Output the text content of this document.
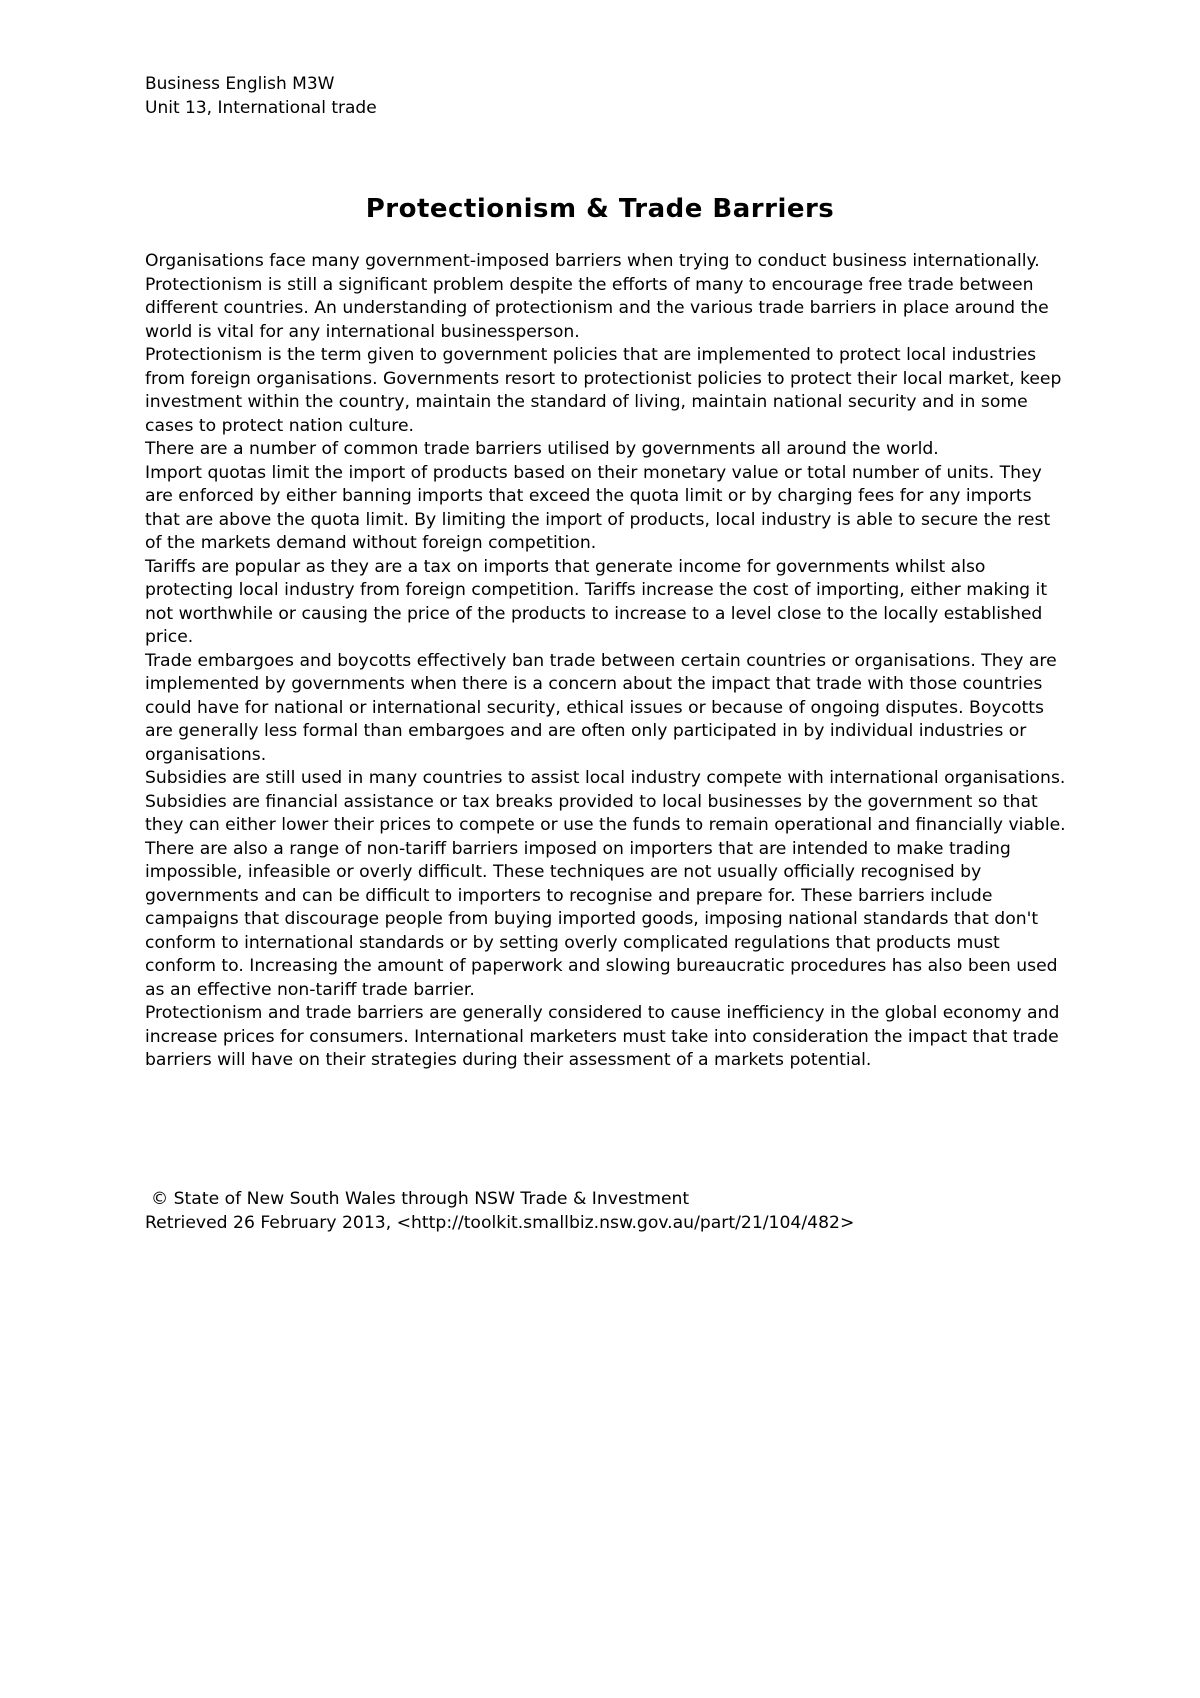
Business English M3W
Unit 13, International trade
Protectionism & Trade Barriers

Organisations face many government-imposed barriers when trying to conduct business internationally. Protectionism is still a significant problem despite the efforts of many to encourage free trade between different countries. An understanding of protectionism and the various trade barriers in place around the world is vital for any international businessperson.

Protectionism is the term given to government policies that are implemented to protect local industries from foreign organisations. Governments resort to protectionist policies to protect their local market, keep investment within the country, maintain the standard of living, maintain national security and in some cases to protect nation culture.

There are a number of common trade barriers utilised by governments all around the world.

Import quotas limit the import of products based on their monetary value or total number of units. They are enforced by either banning imports that exceed the quota limit or by charging fees for any imports that are above the quota limit. By limiting the import of products, local industry is able to secure the rest of the markets demand without foreign competition.

Tariffs are popular as they are a tax on imports that generate income for governments whilst also protecting local industry from foreign competition. Tariffs increase the cost of importing, either making it not worthwhile or causing the price of the products to increase to a level close to the locally established price.

Trade embargoes and boycotts effectively ban trade between certain countries or organisations. They are implemented by governments when there is a concern about the impact that trade with those countries could have for national or international security, ethical issues or because of ongoing disputes. Boycotts are generally less formal than embargoes and are often only participated in by individual industries or organisations.

Subsidies are still used in many countries to assist local industry compete with international organisations. Subsidies are financial assistance or tax breaks provided to local businesses by the government so that they can either lower their prices to compete or use the funds to remain operational and financially viable.

There are also a range of non-tariff barriers imposed on importers that are intended to make trading impossible, infeasible or overly difficult. These techniques are not usually officially recognised by governments and can be difficult to importers to recognise and prepare for. These barriers include campaigns that discourage people from buying imported goods, imposing national standards that don't conform to international standards or by setting overly complicated regulations that products must conform to. Increasing the amount of paperwork and slowing bureaucratic procedures has also been used as an effective non-tariff trade barrier.

Protectionism and trade barriers are generally considered to cause inefficiency in the global economy and increase prices for consumers. International marketers must take into consideration the impact that trade barriers will have on their strategies during their assessment of a markets potential.

© State of New South Wales through NSW Trade & Investment
Retrieved 26 February 2013, <http://toolkit.smallbiz.nsw.gov.au/part/21/104/482>
